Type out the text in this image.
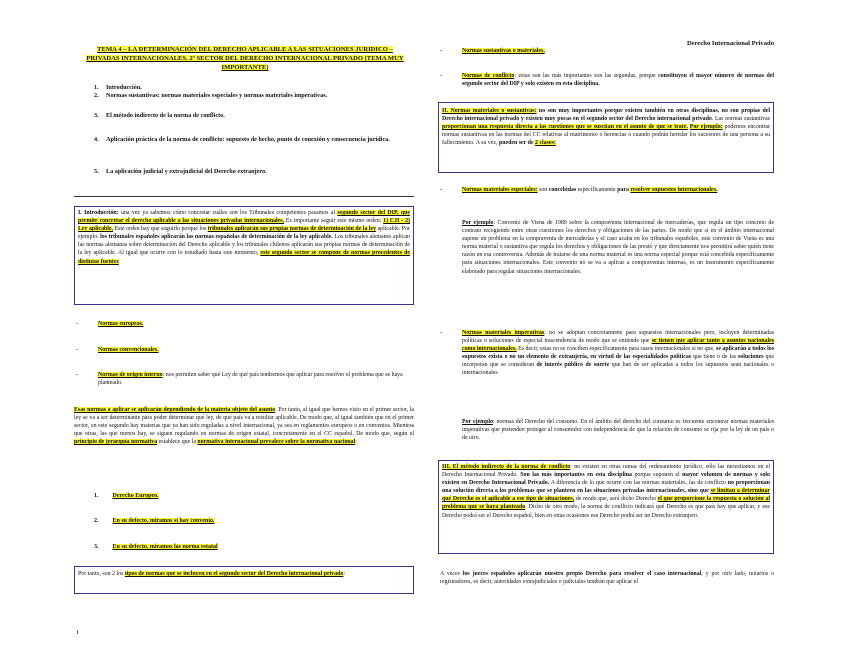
Derecho Internacional Privado
TEMA 4 – LA DETERMINACIÓN DEL DERECHO APLICABLE A LAS SITUACIONES JURIDICO – PRIVADAS INTERNACIONALES. 2º SECTOR DEL DERECHO INTERNACIONAL PRIVADO (TEMA MUY IMPORTANTE)
1. Introducción.
2. Normas sustantivas: normas materiales especiales y normas materiales imperativas.
3. El método indirecto de la norma de conflicto.
4.	Aplicación práctica de la norma de conflicto: supuesto de hecho, punto de conexión y consecuencia jurídica.
5. La aplicación judicial y extrajudicial del Derecho extranjero.
I. Introducción: una vez ya sabemos cómo concretar cuáles son los Tribunales competentes pasamos al segundo sector del DIP, que permite concretar el derecho aplicable a las situaciones privadas internacionales. Es importante seguir este mismo orden: 1) CJI - 2) Ley aplicable. Este orden hay que seguirlo porque los tribunales aplicarán sus propias normas de determinación de la ley aplicable. Por ejemplo: los tribunales españoles aplicarán las normas españolas de determinación de la ley aplicable. Los tribunales alemanes aplican las normas alemanas sobre determinación del Derecho aplicable y los tribunales chilenos aplicarán sus propias normas de determinación de la ley aplicable. Al igual que ocurre con lo estudiado hasta este momento, este segundo sector se compone de normas procedentes de distintas fuentes
-	Normas europeas.
-	Normas convencionales.
-	Normas de origen interno: nos permiten saber qué Ley de qué país tendremos que aplicar para resolver el problema que se haya planteado.
Esas normas a aplicar se aplicarán dependiendo de la materia objeto del asunto. Por tanto, al igual que hemos visto en el primer sector, la ley se va a ser determinante para poder determinar qué ley, de qué país va a resultar aplicable. De modo que, al igual también que en el primer sector, en este segundo hay materias que ya han sido reguladas a nivel internacional, ya sea en reglamentos europeos o en convenios. Mientras que otras, las que menos hay, se siguen regulando en normas de origen estatal, concretamente en el CC español. De modo que, según el principio de jerarquía normativa establece que la normativa internacional prevalece sobre la normativa nacional:
1. Derecho Europeo.
2. En su defecto, miramos si hay convenio.
3. En su defecto, miramos las norma estatal
Por tanto, son 2 los tipos de normas que se incluyen en el segundo sector del Derecho internacional privado:
1
-	Normas sustantivas o materiales.
-	Normas de conflicto: estas son las más importantes son las segundas, porque constituyen el mayor número de normas del segundo sector del DIP y solo existen en esta disciplina.
II. Normas materiales o sustantivas: no son muy importantes porque existen también en otras disciplinas, no son propias del Derecho internacional privado y existen muy pocas en el segundo sector del Derecho internacional privado. Las normas sustantivas proporcionan una respuesta directa a las cuestiones que se suscitan en el asunto de que se trate. Por ejemplo: podemos encontrar normas sustantivas en las normas del CC relativas al matrimonio o herencias o cuando podrán heredar los sucesores de una persona a su fallecimiento. A su vez, pueden ser de 2 clases:
-	Normas materiales especiales: son concebidas específicamente para resolver supuestos internacionales.
Por ejemplo: Convenio de Viena de 1980 sobre la compraventa internacional de mercaderías, que regula un tipo concreto de contrato recogiendo entre otras cuestiones los derechos y obligaciones de las partes. De modo que si en el ámbito internacional supone un problema en la compraventa de mercaderías y el caso acaba en los tribunales españoles, este convenio de Viena es una norma material o sustantiva que regula los derechos y obligaciones de las prestó y que directamente nos permitirá saber quién tiene razón en esa controversia. Además de tratarse de una norma material es una norma especial porque está concebida específicamente para situaciones internacionales. Este convenio no se va a aplicar a compraventas internas, es un instrumento específicamente elaborado para regular situaciones internacionales.
-	Normas materiales imperativas: no se adoptan concretamente para supuestos internacionales pero, incluyen determinadas políticas o soluciones de especial trascendencia de modo que se entiende que se tienen que aplicar tanto a asuntos nacionales como internacionales. Es decir, estas no se conciben específicamente para casos internacionales si no que, se aplicarán a todos los supuestos exista o no un elemento de extranjería, en virtud de las especialidades políticas que tiene o de las soluciones que incorporan que se consideran de interés público de suerte que han de ser aplicadas a todos los supuestos sean nacionales o internacionales
Por ejemplo: normas del Derecho del consumo. En el ámbito del derecho del consumo es frecuente encontrar normas materiales imperativas que pretenden proteger al consumidor con independencia de que la relación de consumo se rija por la ley de un país o de otro.
III. El método indirecto de la norma de conflicto: no existen en otras ramas del ordenamiento jurídico, sólo las necesitamos en el Derecho Internacional Privado. Son las más importantes en esta disciplina porque suponen el mayor volumen de normas y solo existen en Derecho Internacional Privado. A diferencia de lo que ocurre con las normas materiales, las de conflicto no proporcionan una solución directa a los problemas que se planteen en las situaciones privadas internacionales, sino que se limitan a determinar qué Derecho es el aplicable a ese tipo de situaciones, de modo que, será dicho Derecho el que proporcione la respuesta o solución al problema que se haya planteado. Dicho de otro modo, la norma de conflicto indicará qué Derecho es que país hay que aplicar, y ese Derecho podrá ser el Derecho español, bien en otras ocasiones ese Derecho podrá ser un Derecho extranjero.
A veces los jueces españoles aplicarán nuestro propio Derecho para resolver el caso internacional, y por otro lado, notarios o registradores, es decir, autoridades extrajudiciales o judiciales tendrán que aplicar el
